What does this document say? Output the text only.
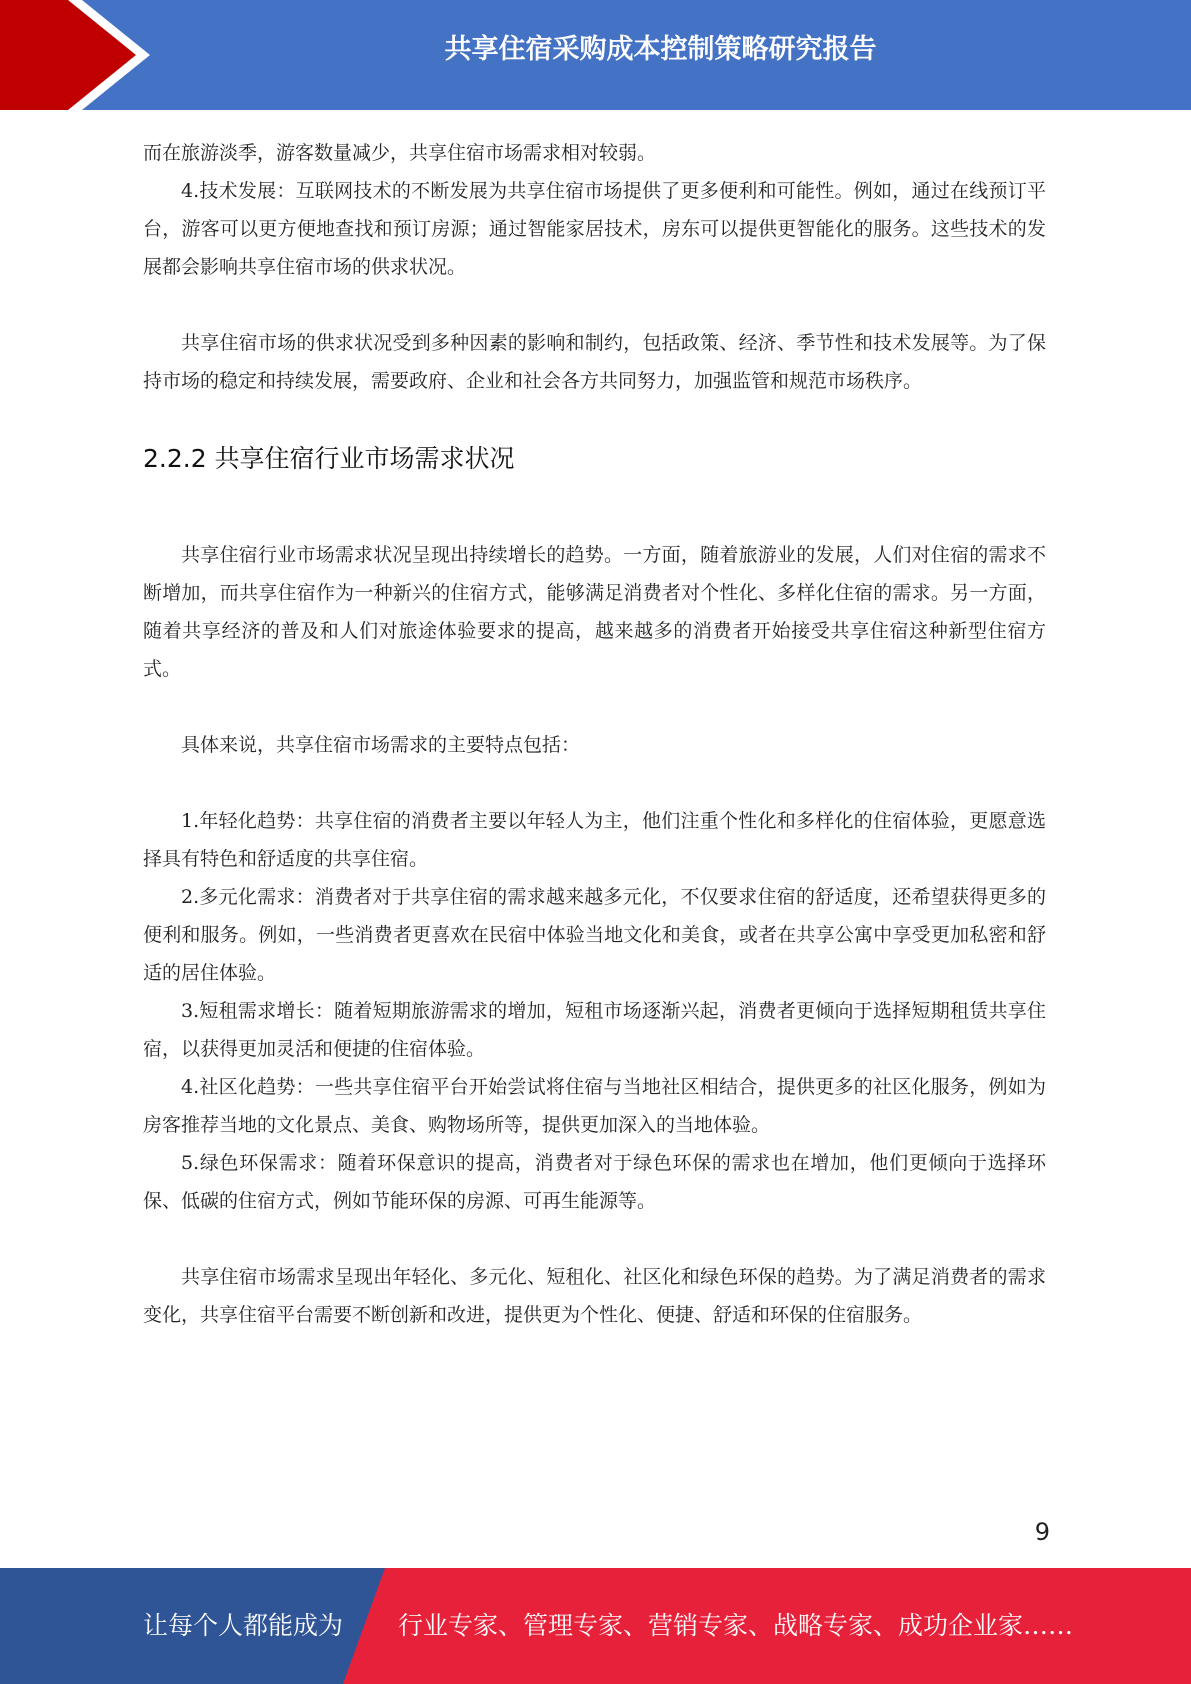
共享住宿采购成本控制策略研究报告

而在旅游淡季，游客数量减少，共享住宿市场需求相对较弱。

4.技术发展：互联网技术的不断发展为共享住宿市场提供了更多便利和可能性。例如，通过在线预订平台，游客可以更方便地查找和预订房源；通过智能家居技术，房东可以提供更智能化的服务。这些技术的发展都会影响共享住宿市场的供求状况。

共享住宿市场的供求状况受到多种因素的影响和制约，包括政策、经济、季节性和技术发展等。为了保持市场的稳定和持续发展，需要政府、企业和社会各方共同努力，加强监管和规范市场秩序。

2.2.2 共享住宿行业市场需求状况

共享住宿行业市场需求状况呈现出持续增长的趋势。一方面，随着旅游业的发展，人们对住宿的需求不断增加，而共享住宿作为一种新兴的住宿方式，能够满足消费者对个性化、多样化住宿的需求。另一方面，随着共享经济的普及和人们对旅途体验要求的提高，越来越多的消费者开始接受共享住宿这种新型住宿方式。

具体来说，共享住宿市场需求的主要特点包括：

1.年轻化趋势：共享住宿的消费者主要以年轻人为主，他们注重个性化和多样化的住宿体验，更愿意选择具有特色和舒适度的共享住宿。

2.多元化需求：消费者对于共享住宿的需求越来越多元化，不仅要求住宿的舒适度，还希望获得更多的便利和服务。例如，一些消费者更喜欢在民宿中体验当地文化和美食，或者在共享公寓中享受更加私密和舒适的居住体验。

3.短租需求增长：随着短期旅游需求的增加，短租市场逐渐兴起，消费者更倾向于选择短期租赁共享住宿，以获得更加灵活和便捷的住宿体验。

4.社区化趋势：一些共享住宿平台开始尝试将住宿与当地社区相结合，提供更多的社区化服务，例如为房客推荐当地的文化景点、美食、购物场所等，提供更加深入的当地体验。

5.绿色环保需求：随着环保意识的提高，消费者对于绿色环保的需求也在增加，他们更倾向于选择环保、低碳的住宿方式，例如节能环保的房源、可再生能源等。

共享住宿市场需求呈现出年轻化、多元化、短租化、社区化和绿色环保的趋势。为了满足消费者的需求变化，共享住宿平台需要不断创新和改进，提供更为个性化、便捷、舒适和环保的住宿服务。

9
让每个人都能成为 行业专家、管理专家、营销专家、战略专家、成功企业家……
